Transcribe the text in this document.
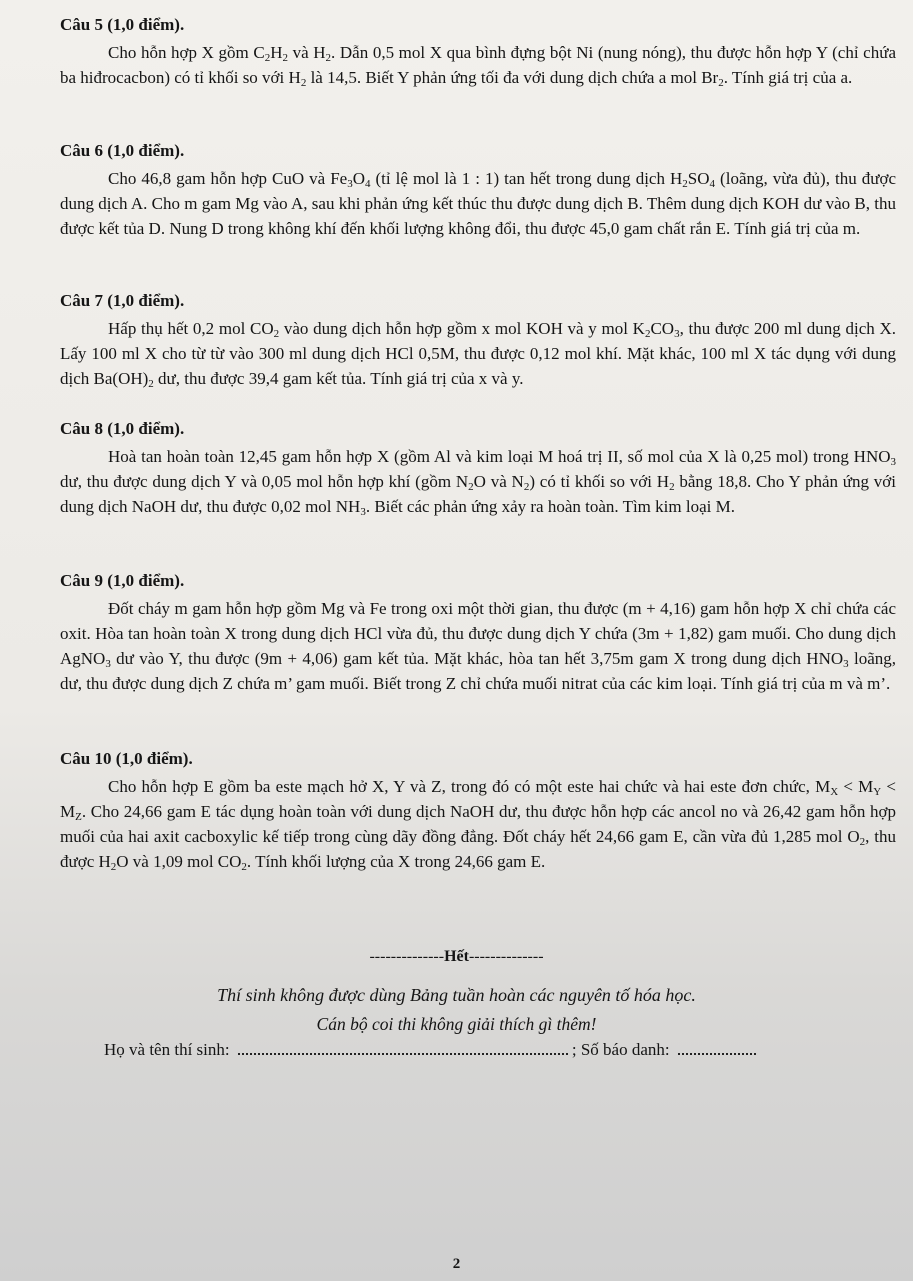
Câu 5 (1,0 điểm).

Cho hỗn hợp X gồm $C_2H_2$ và $H_2$. Dẫn 0,5 mol X qua bình đựng bột Ni (nung nóng), thu được hỗn hợp Y (chỉ chứa ba hiđrocacbon) có tỉ khối so với $H_2$ là 14,5. Biết Y phản ứng tối đa với dung dịch chứa a mol $Br_2$. Tính giá trị của a.

Câu 6 (1,0 điểm).

Cho 46,8 gam hỗn hợp CuO và $Fe_3O_4$ (tỉ lệ mol là 1 : 1) tan hết trong dung dịch $H_2SO_4$ (loãng, vừa đủ), thu được dung dịch A. Cho m gam Mg vào A, sau khi phản ứng kết thúc thu được dung dịch B. Thêm dung dịch KOH dư vào B, thu được kết tủa D. Nung D trong không khí đến khối lượng không đổi, thu được 45,0 gam chất rắn E. Tính giá trị của m.

Câu 7 (1,0 điểm).

Hấp thụ hết 0,2 mol $CO_2$ vào dung dịch hỗn hợp gồm x mol KOH và y mol $K_2CO_3$, thu được 200 ml dung dịch X. Lấy 100 ml X cho từ từ vào 300 ml dung dịch HCl 0,5M, thu được 0,12 mol khí. Mặt khác, 100 ml X tác dụng với dung dịch $Ba(OH)_2$ dư, thu được 39,4 gam kết tủa. Tính giá trị của x và y.

Câu 8 (1,0 điểm).

Hoà tan hoàn toàn 12,45 gam hỗn hợp X (gồm Al và kim loại M hoá trị II, số mol của X là 0,25 mol) trong $HNO_3$ dư, thu được dung dịch Y và 0,05 mol hỗn hợp khí (gồm $N_2O$ và $N_2$) có tỉ khối so với $H_2$ bằng 18,8. Cho Y phản ứng với dung dịch NaOH dư, thu được 0,02 mol $NH_3$. Biết các phản ứng xảy ra hoàn toàn. Tìm kim loại M.

Câu 9 (1,0 điểm).

Đốt cháy m gam hỗn hợp gồm Mg và Fe trong oxi một thời gian, thu được (m + 4,16) gam hỗn hợp X chỉ chứa các oxit. Hòa tan hoàn toàn X trong dung dịch HCl vừa đủ, thu được dung dịch Y chứa (3m + 1,82) gam muối. Cho dung dịch AgNO$_3$ dư vào Y, thu được (9m + 4,06) gam kết tủa. Mặt khác, hòa tan hết 3,75m gam X trong dung dịch $HNO_3$ loãng, dư, thu được dung dịch Z chứa m’ gam muối. Biết trong Z chỉ chứa muối nitrat của các kim loại. Tính giá trị của m và m’.

Câu 10 (1,0 điểm).

Cho hỗn hợp E gồm ba este mạch hở X, Y và Z, trong đó có một este hai chức và hai este đơn chức, $M_X < M_Y < M_Z$. Cho 24,66 gam E tác dụng hoàn toàn với dung dịch NaOH dư, thu được hỗn hợp các ancol no và 26,42 gam hỗn hợp muối của hai axit cacboxylic kế tiếp trong cùng dãy đồng đẳng. Đốt cháy hết 24,66 gam E, cần vừa đủ 1,285 mol $O_2$, thu được $H_2O$ và 1,09 mol $CO_2$. Tính khối lượng của X trong 24,66 gam E.

--------------Hết--------------
Thí sinh không được dùng Bảng tuần hoàn các nguyên tố hóa học.
Cán bộ coi thi không giải thích gì thêm!
Họ và tên thí sinh:	; Số báo danh:
2
